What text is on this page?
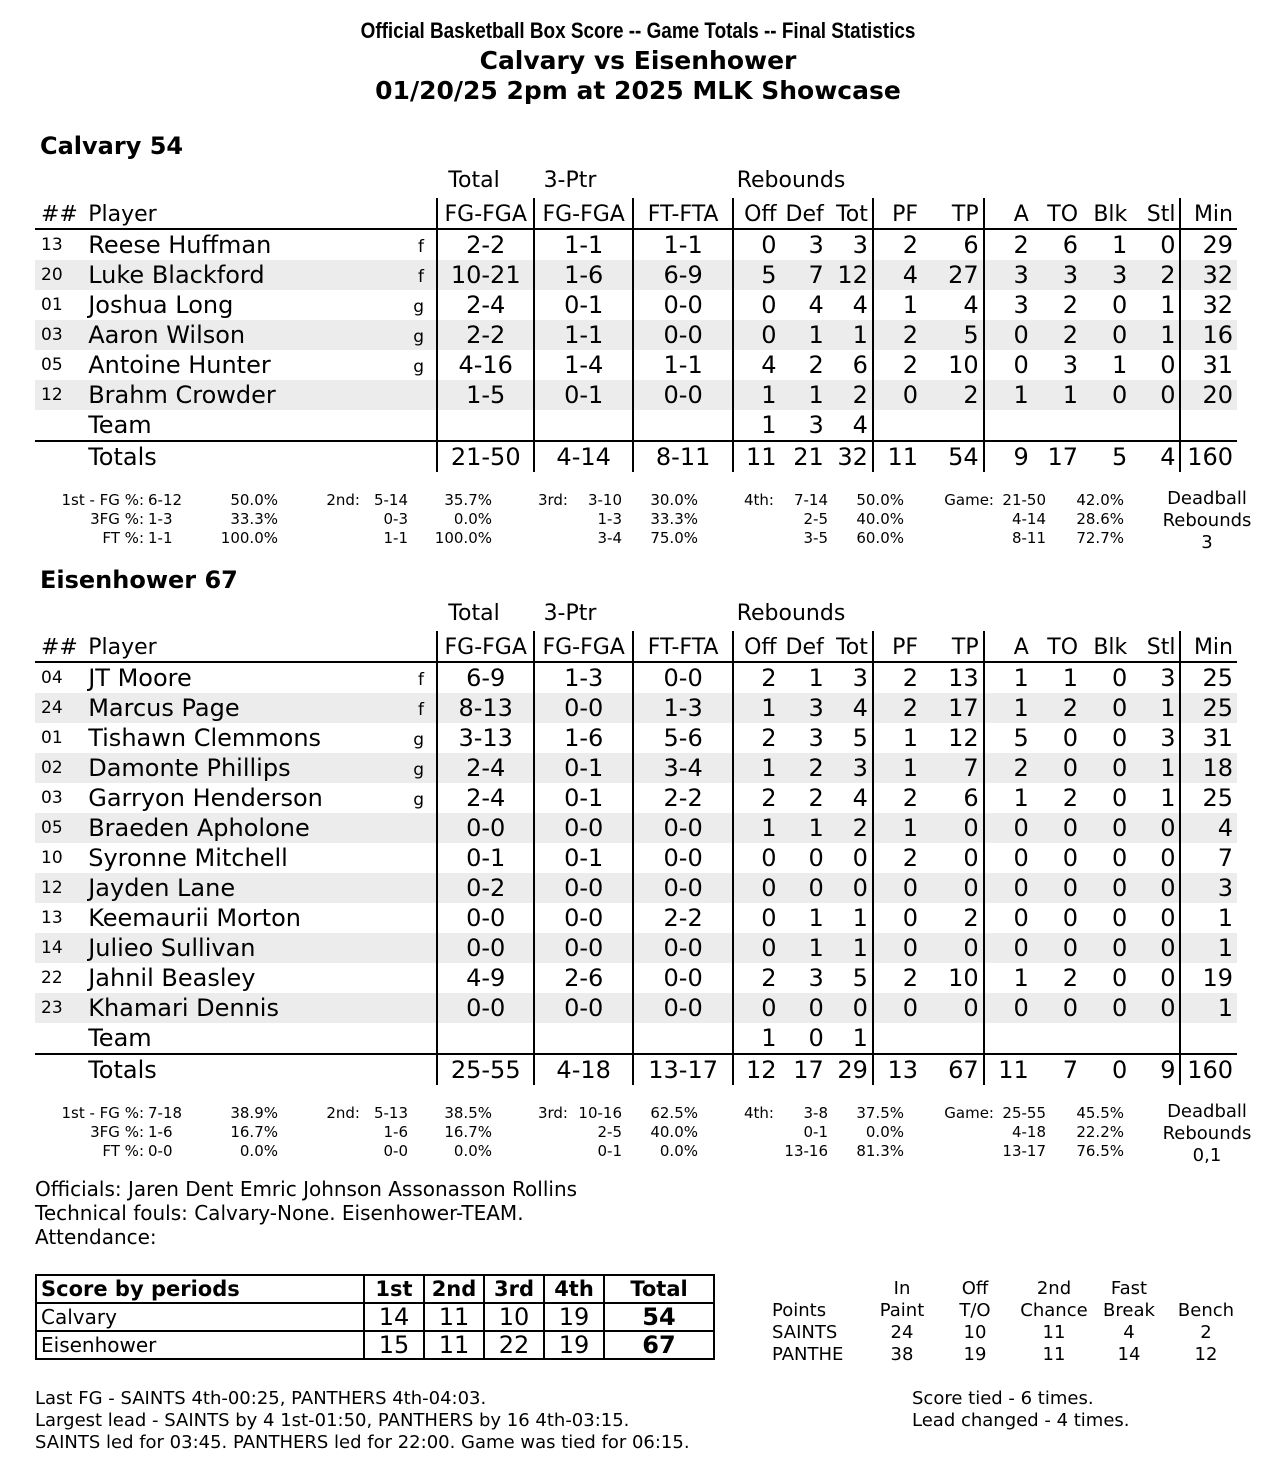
Official Basketball Box Score -- Game Totals -- Final Statistics
Calvary vs Eisenhower
01/20/25 2pm at 2025 MLK Showcase
Calvary 54
Total	3-Ptr	Rebounds
##	Player		FG-FGA	FG-FGA	FT-FTA	Off	Def	Tot	PF	TP	A	TO	Blk	Stl	Min
13	Reese Huffman	f	2-2	1-1	1-1	0	3	3	2	6	2	6	1	0	29
20	Luke Blackford	f	10-21	1-6	6-9	5	7	12	4	27	3	3	3	2	32
01	Joshua Long	g	2-4	0-1	0-0	0	4	4	1	4	3	2	0	1	32
03	Aaron Wilson	g	2-2	1-1	0-0	0	1	1	2	5	0	2	0	1	16
05	Antoine Hunter	g	4-16	1-4	1-1	4	2	6	2	10	0	3	1	0	31
12	Brahm Crowder		1-5	0-1	0-0	1	1	2	0	2	1	1	0	0	20
	Team					1	3	4							
	Totals		21-50	4-14	8-11	11	21	32	11	54	9	17	5	4	160
1st - FG %: 6-12	50.0%	2nd: 5-14	35.7%	3rd:	3-10	30.0%	4th:	7-14	50.0%	Game: 21-50	42.0%
3FG %: 1-3	33.3%	0-3	0.0%	1-3	33.3%	2-5	40.0%	4-14	28.6%
FT %: 1-1	100.0%	1-1	100.0%	3-4	75.0%	3-5	60.0%	8-11	72.7%
Deadball
Rebounds
3
Eisenhower 67
Total	3-Ptr	Rebounds
##	Player		FG-FGA	FG-FGA	FT-FTA	Off	Def	Tot	PF	TP	A	TO	Blk	Stl	Min
04	JT Moore	f	6-9	1-3	0-0	2	1	3	2	13	1	1	0	3	25
24	Marcus Page	f	8-13	0-0	1-3	1	3	4	2	17	1	2	0	1	25
01	Tishawn Clemmons	g	3-13	1-6	5-6	2	3	5	1	12	5	0	0	3	31
02	Damonte Phillips	g	2-4	0-1	3-4	1	2	3	1	7	2	0	0	1	18
03	Garryon Henderson	g	2-4	0-1	2-2	2	2	4	2	6	1	2	0	1	25
05	Braeden Apholone		0-0	0-0	0-0	1	1	2	1	0	0	0	0	0	4
10	Syronne Mitchell		0-1	0-1	0-0	0	0	0	2	0	0	0	0	0	7
12	Jayden Lane		0-2	0-0	0-0	0	0	0	0	0	0	0	0	0	3
13	Keemaurii Morton		0-0	0-0	2-2	0	1	1	0	2	0	0	0	0	1
14	Julieo Sullivan		0-0	0-0	0-0	0	1	1	0	0	0	0	0	0	1
22	Jahnil Beasley		4-9	2-6	0-0	2	3	5	2	10	1	2	0	0	19
23	Khamari Dennis		0-0	0-0	0-0	0	0	0	0	0	0	0	0	0	1
	Team					1	0	1							
	Totals		25-55	4-18	13-17	12	17	29	13	67	11	7	0	9	160
1st - FG %: 7-18	38.9%	2nd: 5-13	38.5%	3rd: 10-16	62.5%	4th:	3-8	37.5%	Game: 25-55	45.5%
3FG %: 1-6	16.7%	1-6	16.7%	2-5	40.0%	0-1	0.0%	4-18	22.2%
FT %: 0-0	0.0%	0-0	0.0%	0-1	0.0%	13-16	81.3%	13-17	76.5%
Deadball
Rebounds
0,1
Officials: Jaren Dent Emric Johnson Assonasson Rollins
Technical fouls: Calvary-None. Eisenhower-TEAM.
Attendance:
Score by periods	1st	2nd	3rd	4th	Total
Calvary	14	11	10	19	54
Eisenhower	15	11	22	19	67
	In	Off	2nd	Fast	
Points	Paint	T/O	Chance	Break	Bench
SAINTS	24	10	11	4	2
PANTHE	38	19	11	14	12
Last FG - SAINTS 4th-00:25, PANTHERS 4th-04:03.
Largest lead - SAINTS by 4 1st-01:50, PANTHERS by 16 4th-03:15.
SAINTS led for 03:45. PANTHERS led for 22:00. Game was tied for 06:15.
Score tied - 6 times.
Lead changed - 4 times.
